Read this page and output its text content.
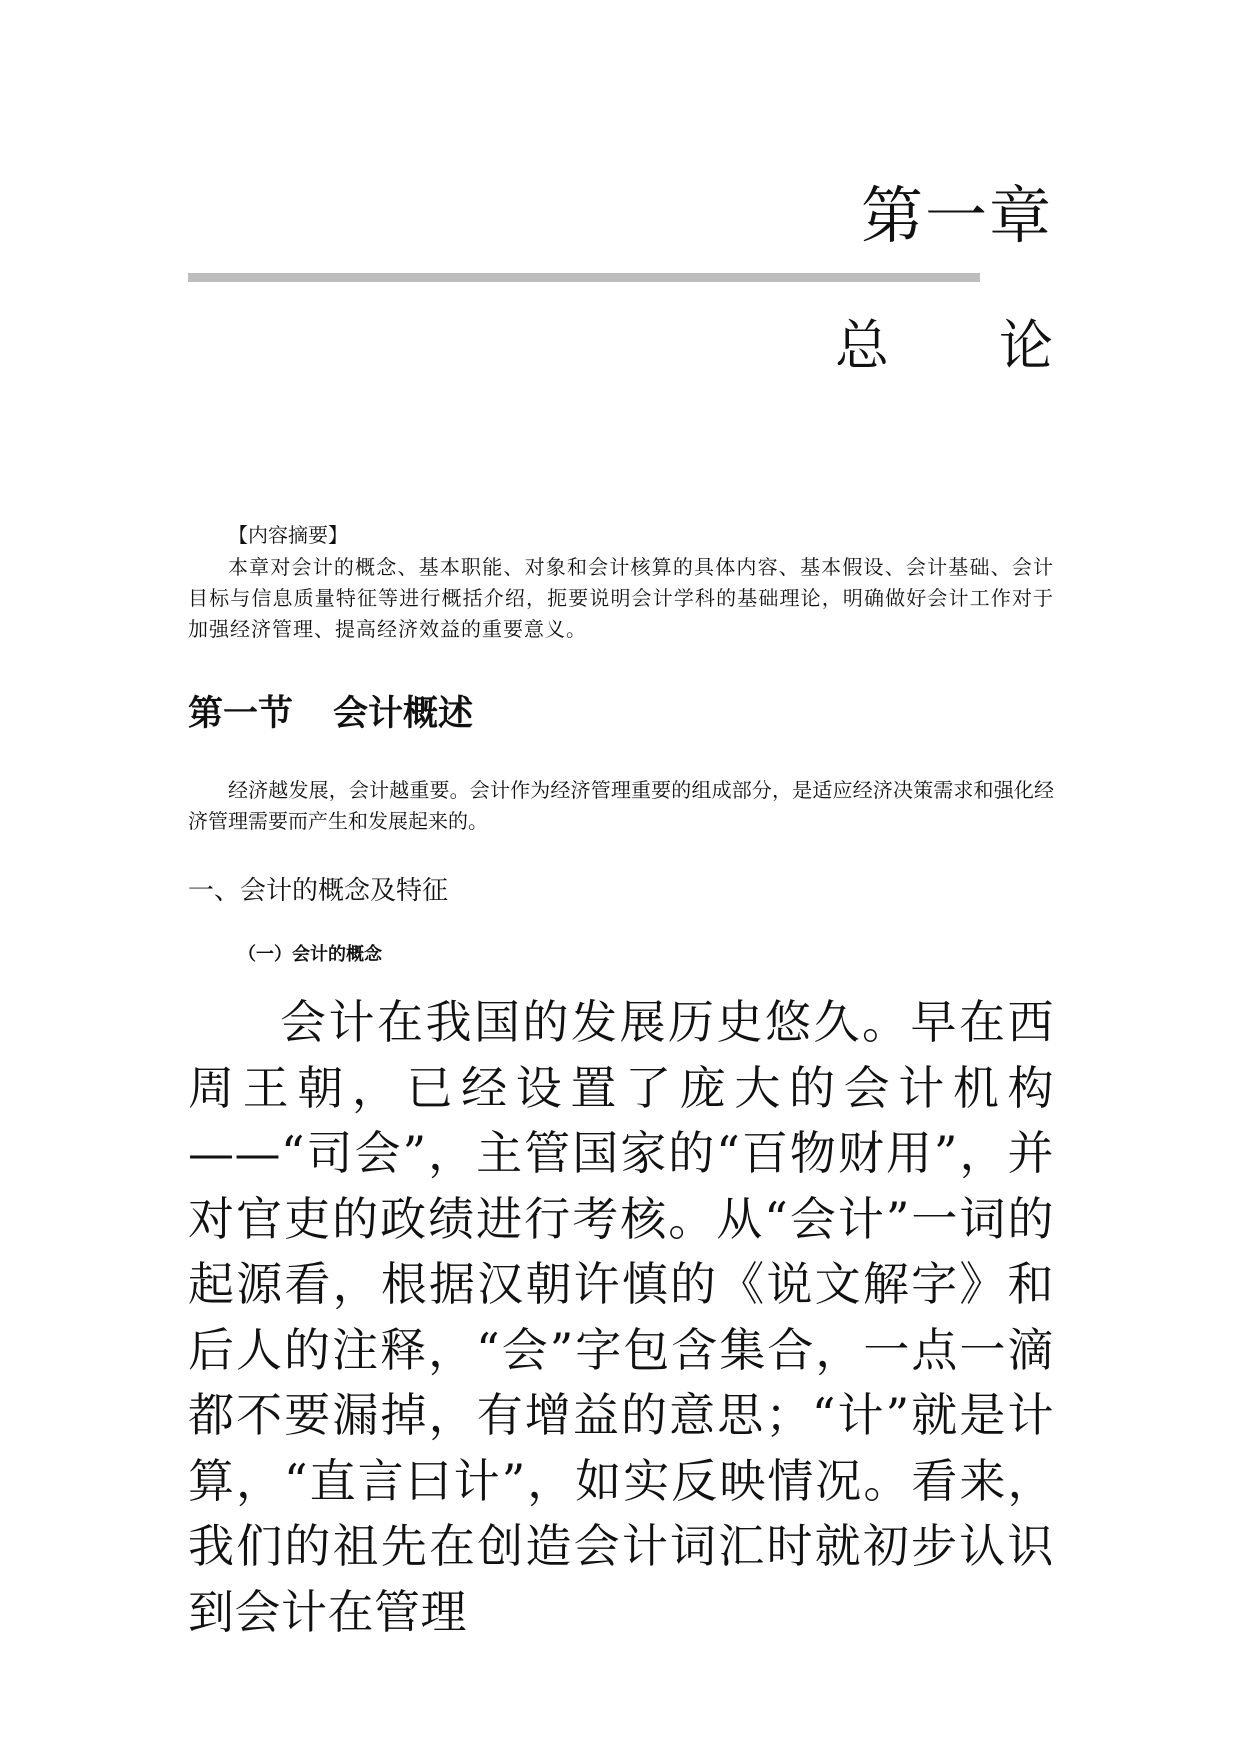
第一章
总 论
【内容摘要】

本章对会计的概念、基本职能、对象和会计核算的具体内容、基本假设、会计基础、会计目标与信息质量特征等进行概括介绍，扼要说明会计学科的基础理论，明确做好会计工作对于加强经济管理、提高经济效益的重要意义。

第一节 会计概述

经济越发展，会计越重要。会计作为经济管理重要的组成部分，是适应经济决策需求和强化经济管理需要而产生和发展起来的。

一、会计的概念及特征
（一）会计的概念

会计在我国的发展历史悠久。早在西周王朝，已经设置了庞大的会计机构——“司会”，主管国家的“百物财用”，并对官吏的政绩进行考核。从“会计”一词的起源看，根据汉朝许慎的《说文解字》和后人的注释，“会”字包含集合，一点一滴都不要漏掉，有增益的意思；“计”就是计算，“直言曰计”，如实反映情况。看来，我们的祖先在创造会计词汇时就初步认识到会计在管理
